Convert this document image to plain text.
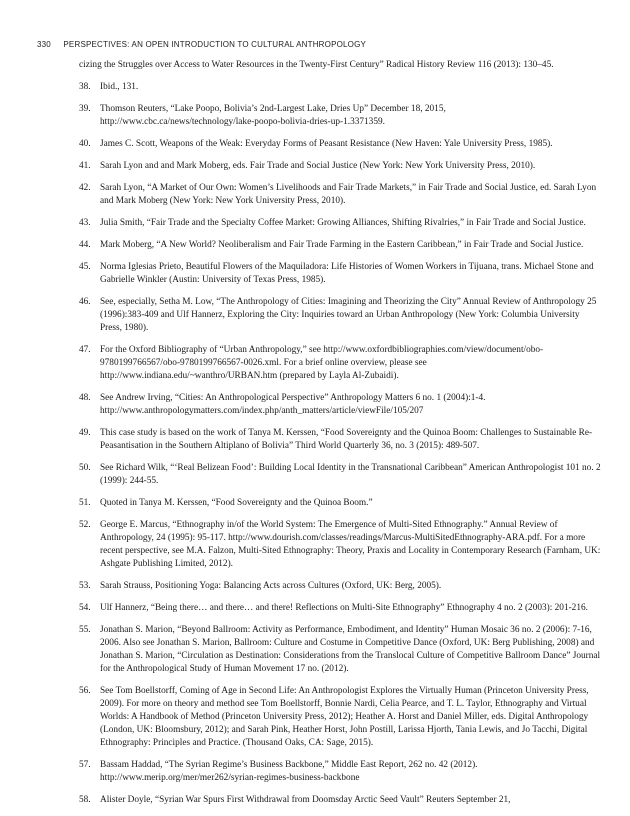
330 PERSPECTIVES: AN OPEN INTRODUCTION TO CULTURAL ANTHROPOLOGY
cizing the Struggles over Access to Water Resources in the Twenty-First Century” Radical History Review 116 (2013): 130–45.
38. Ibid., 131.
39. Thomson Reuters, “Lake Poopo, Bolivia’s 2nd-Largest Lake, Dries Up” December 18, 2015, http://www.cbc.ca/news/technology/lake-poopo-bolivia-dries-up-1.3371359.
40. James C. Scott, Weapons of the Weak: Everyday Forms of Peasant Resistance (New Haven: Yale University Press, 1985).
41. Sarah Lyon and and Mark Moberg, eds. Fair Trade and Social Justice (New York: New York University Press, 2010).
42. Sarah Lyon, “A Market of Our Own: Women’s Livelihoods and Fair Trade Markets,” in Fair Trade and Social Justice, ed. Sarah Lyon and Mark Moberg (New York: New York University Press, 2010).
43. Julia Smith, “Fair Trade and the Specialty Coffee Market: Growing Alliances, Shifting Rivalries,” in Fair Trade and Social Justice.
44. Mark Moberg, “A New World? Neoliberalism and Fair Trade Farming in the Eastern Caribbean,” in Fair Trade and Social Justice.
45. Norma Iglesias Prieto, Beautiful Flowers of the Maquiladora: Life Histories of Women Workers in Tijuana, trans. Michael Stone and Gabrielle Winkler (Austin: University of Texas Press, 1985).
46. See, especially, Setha M. Low, “The Anthropology of Cities: Imagining and Theorizing the City” Annual Review of Anthropology 25 (1996):383-409 and Ulf Hannerz, Exploring the City: Inquiries toward an Urban Anthropology (New York: Columbia University Press, 1980).
47. For the Oxford Bibliography of “Urban Anthropology,” see http://www.oxfordbibliographies.com/view/document/obo-9780199766567/obo-9780199766567-0026.xml. For a brief online overview, please see http://www.indiana.edu/~wanthro/URBAN.htm (prepared by Layla Al-Zubaidi).
48. See Andrew Irving, “Cities: An Anthropological Perspective” Anthropology Matters 6 no. 1 (2004):1-4. http://www.anthropologymatters.com/index.php/anth_matters/article/viewFile/105/207
49. This case study is based on the work of Tanya M. Kerssen, “Food Sovereignty and the Quinoa Boom: Challenges to Sustainable Re-Peasantisation in the Southern Altiplano of Bolivia” Third World Quarterly 36, no. 3 (2015): 489-507.
50. See Richard Wilk, “‘Real Belizean Food’: Building Local Identity in the Transnational Caribbean” American Anthropologist 101 no. 2 (1999): 244-55.
51. Quoted in Tanya M. Kerssen, “Food Sovereignty and the Quinoa Boom.”
52. George E. Marcus, “Ethnography in/of the World System: The Emergence of Multi-Sited Ethnography.” Annual Review of Anthropology, 24 (1995): 95-117. http://www.dourish.com/classes/readings/Marcus-MultiSitedEthnography-ARA.pdf. For a more recent perspective, see M.A. Falzon, Multi-Sited Ethnography: Theory, Praxis and Locality in Contemporary Research (Farnham, UK: Ashgate Publishing Limited, 2012).
53. Sarah Strauss, Positioning Yoga: Balancing Acts across Cultures (Oxford, UK: Berg, 2005).
54. Ulf Hannerz, “Being there… and there… and there! Reflections on Multi-Site Ethnography” Ethnography 4 no. 2 (2003): 201-216.
55. Jonathan S. Marion, “Beyond Ballroom: Activity as Performance, Embodiment, and Identity” Human Mosaic 36 no. 2 (2006): 7-16, 2006. Also see Jonathan S. Marion, Ballroom: Culture and Costume in Competitive Dance (Oxford, UK: Berg Publishing, 2008) and Jonathan S. Marion, “Circulation as Destination: Considerations from the Translocal Culture of Competitive Ballroom Dance” Journal for the Anthropological Study of Human Movement 17 no. (2012).
56. See Tom Boellstorff, Coming of Age in Second Life: An Anthropologist Explores the Virtually Human (Princeton University Press, 2009). For more on theory and method see Tom Boellstorff, Bonnie Nardi, Celia Pearce, and T. L. Taylor, Ethnography and Virtual Worlds: A Handbook of Method (Princeton University Press, 2012); Heather A. Horst and Daniel Miller, eds. Digital Anthropology (London, UK: Bloomsbury, 2012); and Sarah Pink, Heather Horst, John Postill, Larissa Hjorth, Tania Lewis, and Jo Tacchi, Digital Ethnography: Principles and Practice. (Thousand Oaks, CA: Sage, 2015).
57. Bassam Haddad, “The Syrian Regime’s Business Backbone,” Middle East Report, 262 no. 42 (2012). http://www.merip.org/mer/mer262/syrian-regimes-business-backbone
58. Alister Doyle, “Syrian War Spurs First Withdrawal from Doomsday Arctic Seed Vault” Reuters September 21,
